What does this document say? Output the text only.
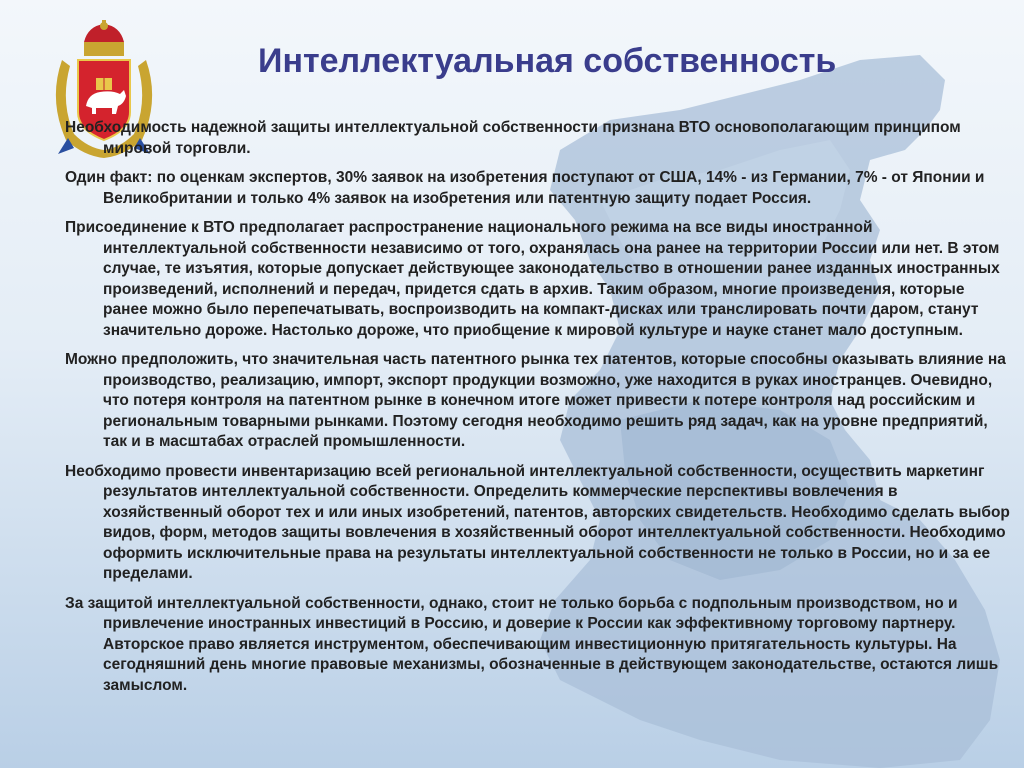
Интеллектуальная собственность

Необходимость надежной защиты интеллектуальной собственности признана ВТО основополагающим принципом мировой торговли.

Один факт: по оценкам экспертов, 30% заявок на изобретения поступают от США, 14% - из Германии, 7% - от Японии и Великобритании и только 4% заявок на изобретения или патентную защиту подает Россия.

Присоединение к ВТО предполагает распространение национального режима на все виды иностранной интеллектуальной собственности независимо от того, охранялась она ранее на территории России или нет. В этом случае, те изъятия, которые допускает действующее законодательство в отношении ранее изданных иностранных произведений, исполнений и передач, придется сдать в архив. Таким образом, многие произведения, которые ранее можно было перепечатывать, воспроизводить на компакт-дисках или транслировать почти даром, станут значительно дороже. Настолько дороже, что приобщение к мировой культуре и науке станет мало доступным.

Можно предположить, что значительная часть патентного рынка тех патентов, которые способны оказывать влияние на производство, реализацию, импорт, экспорт продукции возможно, уже находится в руках иностранцев. Очевидно, что потеря контроля на патентном рынке в конечном итоге может привести к потере контроля над российским и региональным товарными рынками. Поэтому сегодня необходимо решить ряд задач, как на уровне предприятий, так и в масштабах отраслей промышленности.

Необходимо провести инвентаризацию всей региональной интеллектуальной собственности, осуществить маркетинг результатов интеллектуальной собственности. Определить коммерческие перспективы вовлечения в хозяйственный оборот тех и или иных изобретений, патентов, авторских свидетельств. Необходимо сделать выбор видов, форм, методов защиты вовлечения в хозяйственный оборот интеллектуальной собственности. Необходимо оформить исключительные права на результаты интеллектуальной собственности не только в России, но и за ее пределами.

За защитой интеллектуальной собственности, однако, стоит не только борьба с подпольным производством, но и привлечение иностранных инвестиций в Россию, и доверие к России как эффективному торговому партнеру. Авторское право является инструментом, обеспечивающим инвестиционную притягательность культуры. На сегодняшний день многие правовые механизмы, обозначенные в действующем законодательстве, остаются лишь замыслом.
